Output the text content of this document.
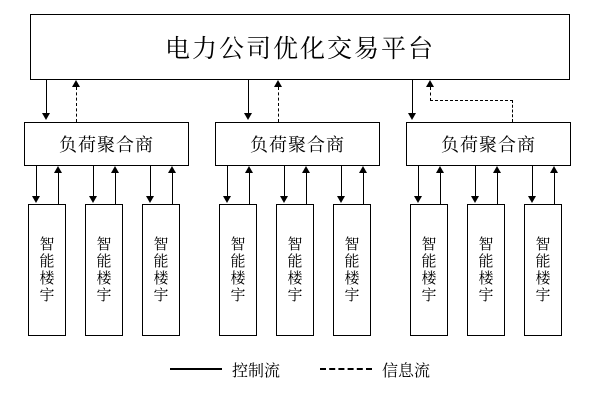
电力公司优化交易平台
负荷聚合商	负荷聚合商	负荷聚合商
智能楼宇
智能楼宇
智能楼宇
智能楼宇
智能楼宇
智能楼宇
智能楼宇
智能楼宇
智能楼宇
控制流	信息流
